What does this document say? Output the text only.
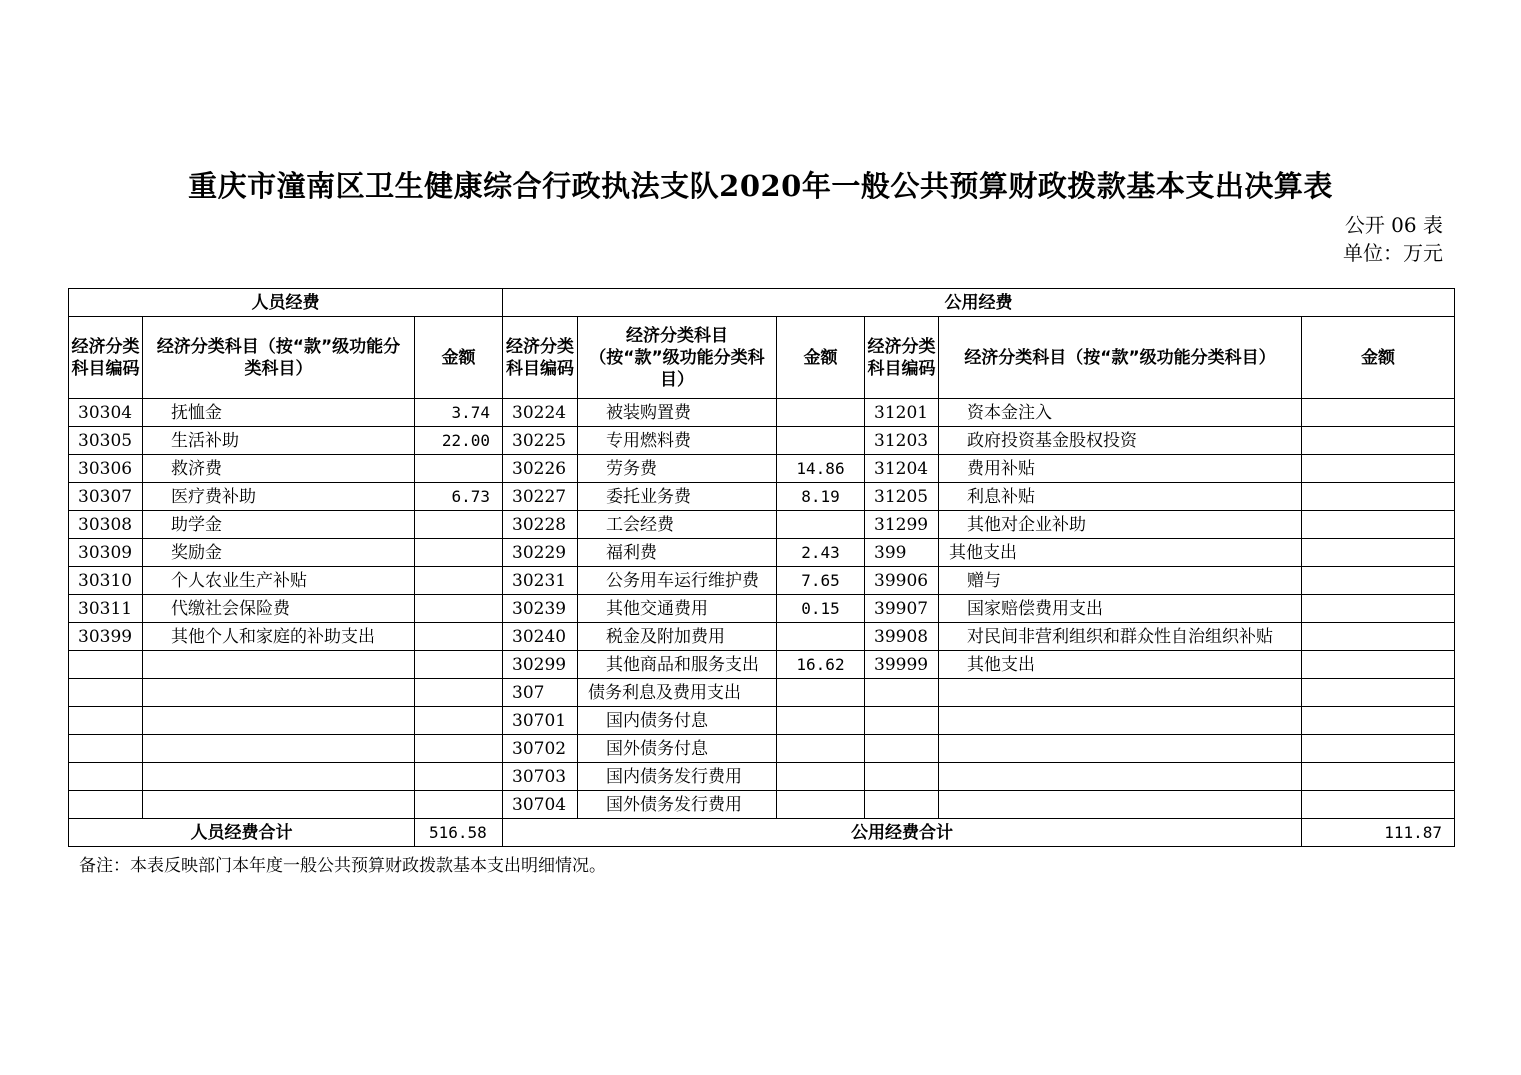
重庆市潼南区卫生健康综合行政执法支队2020年一般公共预算财政拨款基本支出决算表
公开 06 表
单位：万元
人员经费			公用经费					
经济分类科目编码	经济分类科目（按“款”级功能分类科目）	金额	经济分类科目编码	经济分类科目（按“款”级功能分类科目）	金额	经济分类科目编码	经济分类科目（按“款”级功能分类科目）	金额
30304	抚恤金	3.74	30224	被装购置费		31201	资本金注入	
30305	生活补助	22.00	30225	专用燃料费		31203	政府投资基金股权投资	
30306	救济费		30226	劳务费	14.86	31204	费用补贴	
30307	医疗费补助	6.73	30227	委托业务费	8.19	31205	利息补贴	
30308	助学金		30228	工会经费		31299	其他对企业补助	
30309	奖励金		30229	福利费	2.43	399	其他支出	
30310	个人农业生产补贴		30231	公务用车运行维护费	7.65	39906	赠与	
30311	代缴社会保险费		30239	其他交通费用	0.15	39907	国家赔偿费用支出	
30399	其他个人和家庭的补助支出		30240	税金及附加费用		39908	对民间非营利组织和群众性自治组织补贴	
			30299	其他商品和服务支出	16.62	39999	其他支出	
			307	债务利息及费用支出				
			30701	国内债务付息				
			30702	国外债务付息				
			30703	国内债务发行费用				
			30704	国外债务发行费用				
人员经费合计		516.58	公用经费合计					111.87
备注：本表反映部门本年度一般公共预算财政拨款基本支出明细情况。
